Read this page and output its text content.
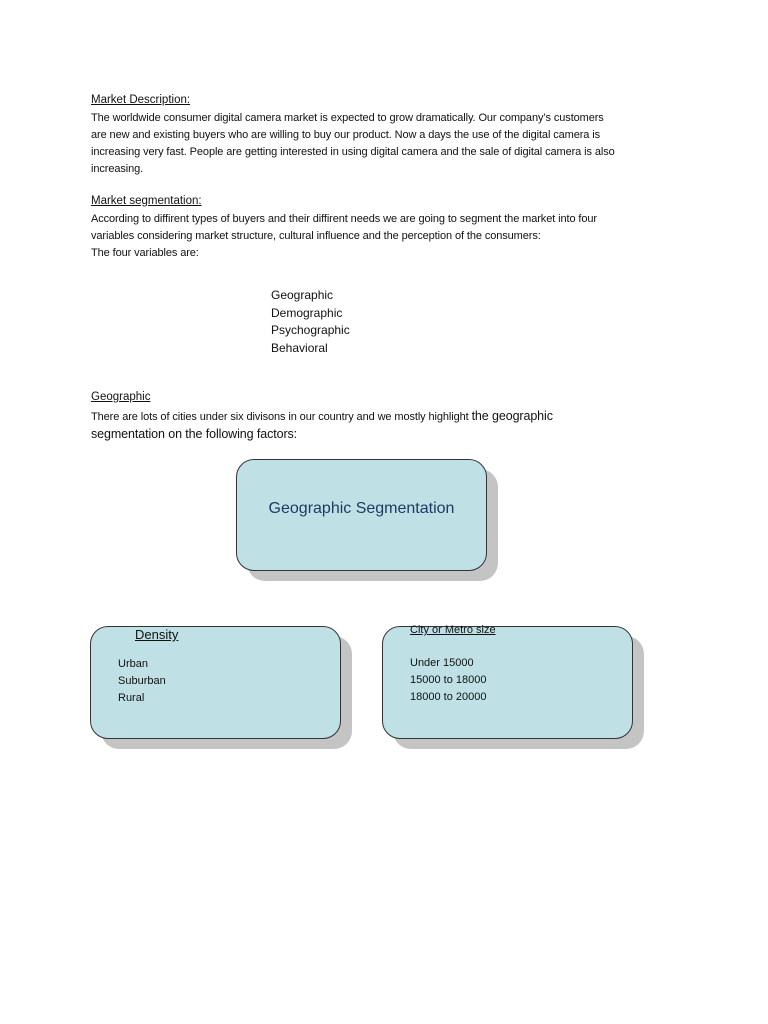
Market Description:
The worldwide consumer digital camera market is expected to grow dramatically. Our company’s customers
are new and existing buyers who are willing to buy our product. Now a days the use of the digital camera is
increasing very fast. People are getting interested in using digital camera and the sale of digital camera is also
increasing.
Market segmentation:
According to diffirent types of buyers and their diffirent needs we are going to segment the market into four
variables considering market structure, cultural influence and the perception of the consumers:
The four variables are:
Geographic
Demographic
Psychographic
Behavioral
Geographic
There are lots of cities under six divisons in our country and we mostly highlight the geographic
segmentation on the following factors:
Geographic Segmentation
Density
Urban
Suburban
Rural
City or Metro size
Under 15000
15000 to 18000
18000 to 20000
